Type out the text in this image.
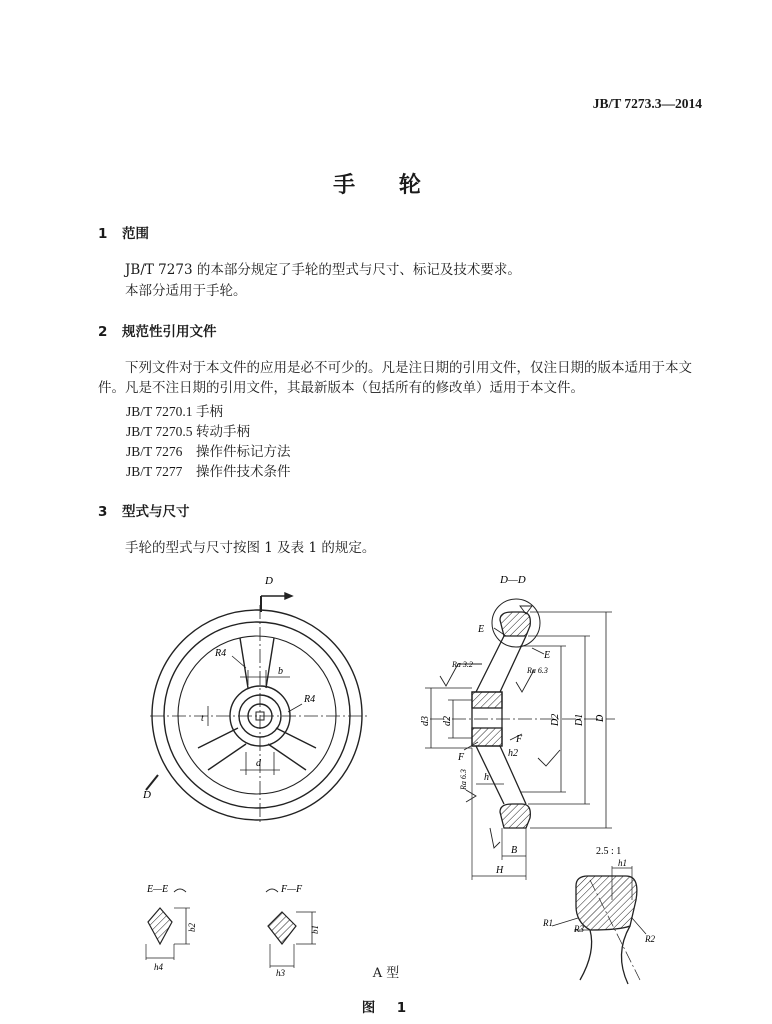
JB/T 7273.3—2014
手 轮
1 范围
JB/T 7273 的本部分规定了手轮的型式与尺寸、标记及技术要求。
本部分适用于手轮。
2 规范性引用文件
下列文件对于本文件的应用是必不可少的。凡是注日期的引用文件，仅注日期的版本适用于本文件。凡是不注日期的引用文件，其最新版本（包括所有的修改单）适用于本文件。
JB/T 7270.1 手柄
JB/T 7270.5 转动手柄
JB/T 7276 操作件标记方法
JB/T 7277 操作件技术条件
3 型式与尺寸
手轮的型式与尺寸按图 1 及表 1 的规定。
D
D
R4
R4
b
d
t
D—D
E
E
F
F
B
H
h
h2
Ra 3.2
Ra 6.3
Ra 6.3
d3 d2	D2 D1 D
E—E
h4
b2
F—F
h3
b1
2.5 : 1
h1
R1
R3
R2
A 型
图　1
